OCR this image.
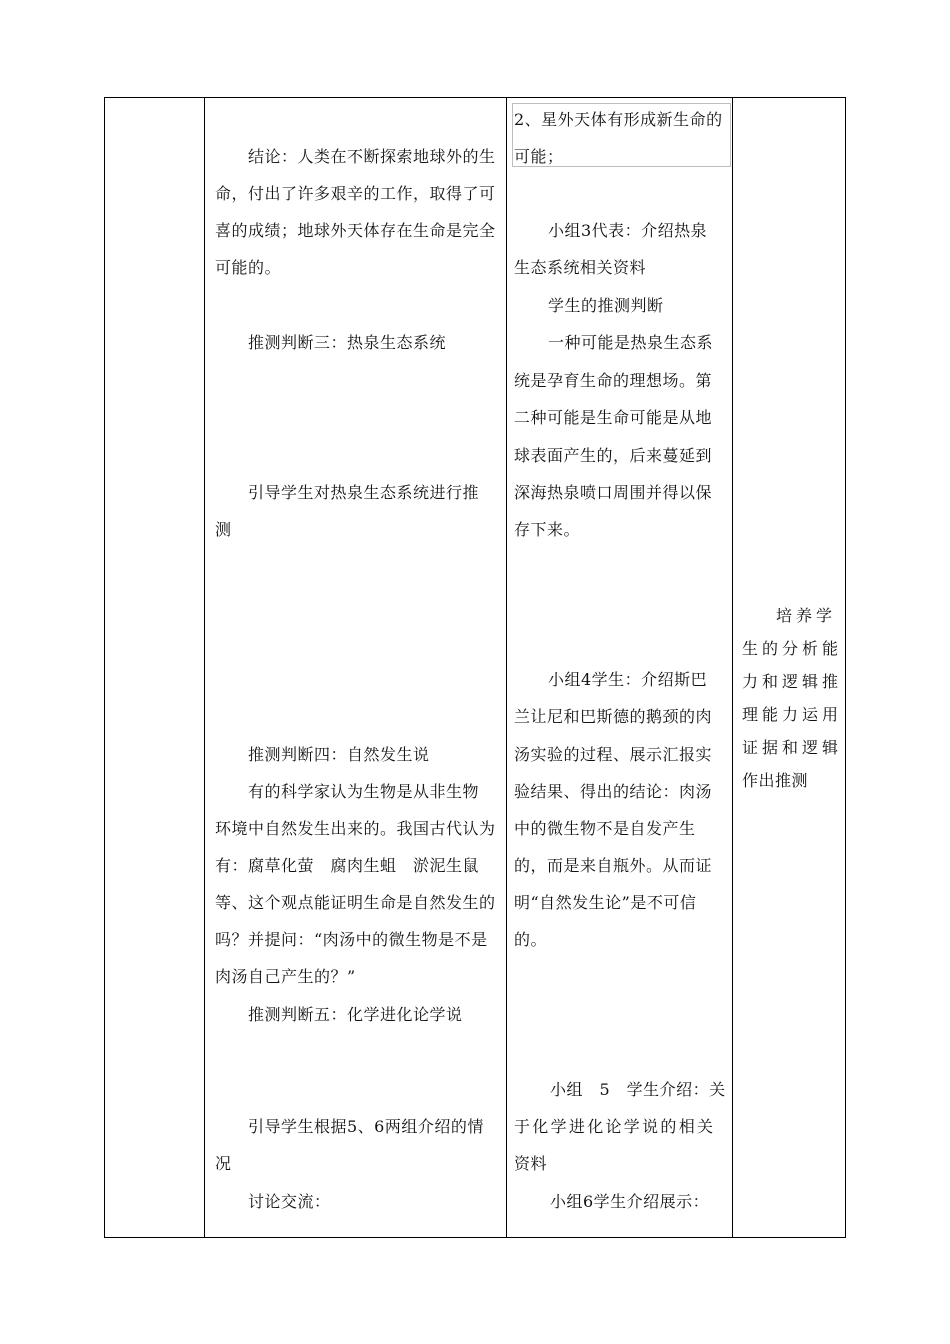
结论：人类在不断探索地球外的生
命，付出了许多艰辛的工作，取得了可
喜的成绩；地球外天体存在生命是完全
可能的。
推测判断三：热泉生态系统
引导学生对热泉生态系统进行推
测
推测判断四：自然发生说
有的科学家认为生物是从非生物
环境中自然发生出来的。我国古代认为
有：腐草化萤　腐肉生蛆　淤泥生鼠
等、这个观点能证明生命是自然发生的
吗？并提问：“肉汤中的微生物是不是
肉汤自己产生的？”
推测判断五：化学进化论学说
引导学生根据5、6两组介绍的情
况
讨论交流：
2、星外天体有形成新生命的
可能；
小组3代表：介绍热泉
生态系统相关资料
学生的推测判断
一种可能是热泉生态系
统是孕育生命的理想场。第
二种可能是生命可能是从地
球表面产生的，后来蔓延到
深海热泉喷口周围并得以保
存下来。
小组4学生：介绍斯巴
兰让尼和巴斯德的鹅颈的肉
汤实验的过程、展示汇报实
验结果、得出的结论：肉汤
中的微生物不是自发产生
的，而是来自瓶外。从而证
明“自然发生论”是不可信
的。
小组　5　学生介绍：关
于化学进化论学说的相关
资料
小组6学生介绍展示：
培养学
生的分析能
力和逻辑推
理能力运用
证据和逻辑
作出推测
